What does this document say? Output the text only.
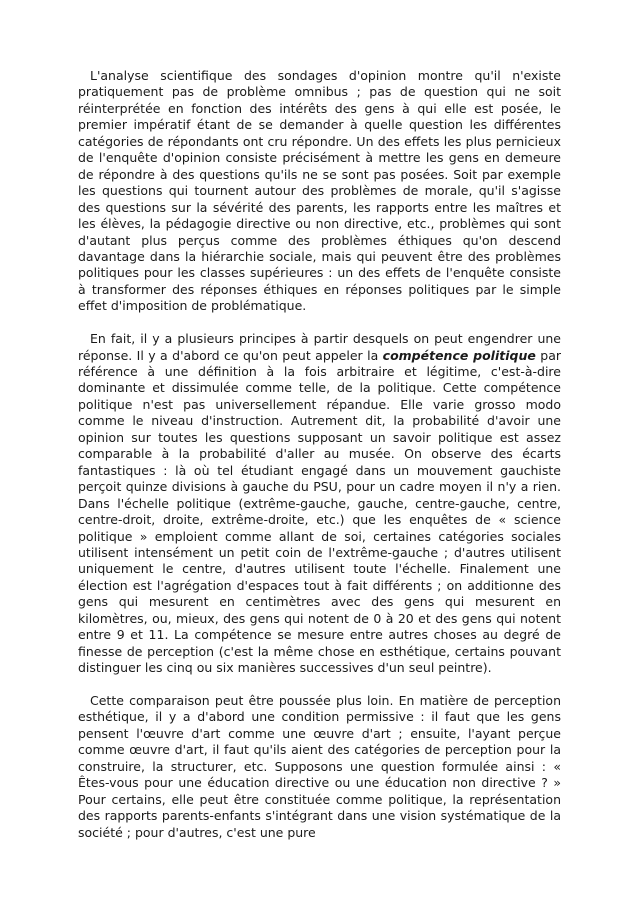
L'analyse scientifique des sondages d'opinion montre qu'il n'existe pratiquement pas de problème omnibus ; pas de question qui ne soit réinterprétée en fonction des intérêts des gens à qui elle est posée, le premier impératif étant de se demander à quelle question les différentes catégories de répondants ont cru répondre. Un des effets les plus pernicieux de l'enquête d'opinion consiste précisément à mettre les gens en demeure de répondre à des questions qu'ils ne se sont pas posées. Soit par exemple les questions qui tournent autour des problèmes de morale, qu'il s'agisse des questions sur la sévérité des parents, les rapports entre les maîtres et les élèves, la pédagogie directive ou non directive, etc., problèmes qui sont d'autant plus perçus comme des problèmes éthiques qu'on descend davantage dans la hiérarchie sociale, mais qui peuvent être des problèmes politiques pour les classes supérieures : un des effets de l'enquête consiste à transformer des réponses éthiques en réponses politiques par le simple effet d'imposition de problématique.

En fait, il y a plusieurs principes à partir desquels on peut engendrer une réponse. Il y a d'abord ce qu'on peut appeler la compétence politique par référence à une définition à la fois arbitraire et légitime, c'est-à-dire dominante et dissimulée comme telle, de la politique. Cette compétence politique n'est pas universellement répandue. Elle varie grosso modo comme le niveau d'instruction. Autrement dit, la probabilité d'avoir une opinion sur toutes les questions supposant un savoir politique est assez comparable à la probabilité d'aller au musée. On observe des écarts fantastiques : là où tel étudiant engagé dans un mouvement gauchiste perçoit quinze divisions à gauche du PSU, pour un cadre moyen il n'y a rien. Dans l'échelle politique (extrême-gauche, gauche, centre-gauche, centre, centre-droit, droite, extrême-droite, etc.) que les enquêtes de « science politique » emploient comme allant de soi, certaines catégories sociales utilisent intensément un petit coin de l'extrême-gauche ; d'autres utilisent uniquement le centre, d'autres utilisent toute l'échelle. Finalement une élection est l'agrégation d'espaces tout à fait différents ; on additionne des gens qui mesurent en centimètres avec des gens qui mesurent en kilomètres, ou, mieux, des gens qui notent de 0 à 20 et des gens qui notent entre 9 et 11. La compétence se mesure entre autres choses au degré de finesse de perception (c'est la même chose en esthétique, certains pouvant distinguer les cinq ou six manières successives d'un seul peintre).

Cette comparaison peut être poussée plus loin. En matière de perception esthétique, il y a d'abord une condition permissive : il faut que les gens pensent l'œuvre d'art comme une œuvre d'art ; ensuite, l'ayant perçue comme œuvre d'art, il faut qu'ils aient des catégories de perception pour la construire, la structurer, etc. Supposons une question formulée ainsi : « Êtes-vous pour une éducation directive ou une éducation non directive ? » Pour certains, elle peut être constituée comme politique, la représentation des rapports parents-enfants s'intégrant dans une vision systématique de la société ; pour d'autres, c'est une pure
